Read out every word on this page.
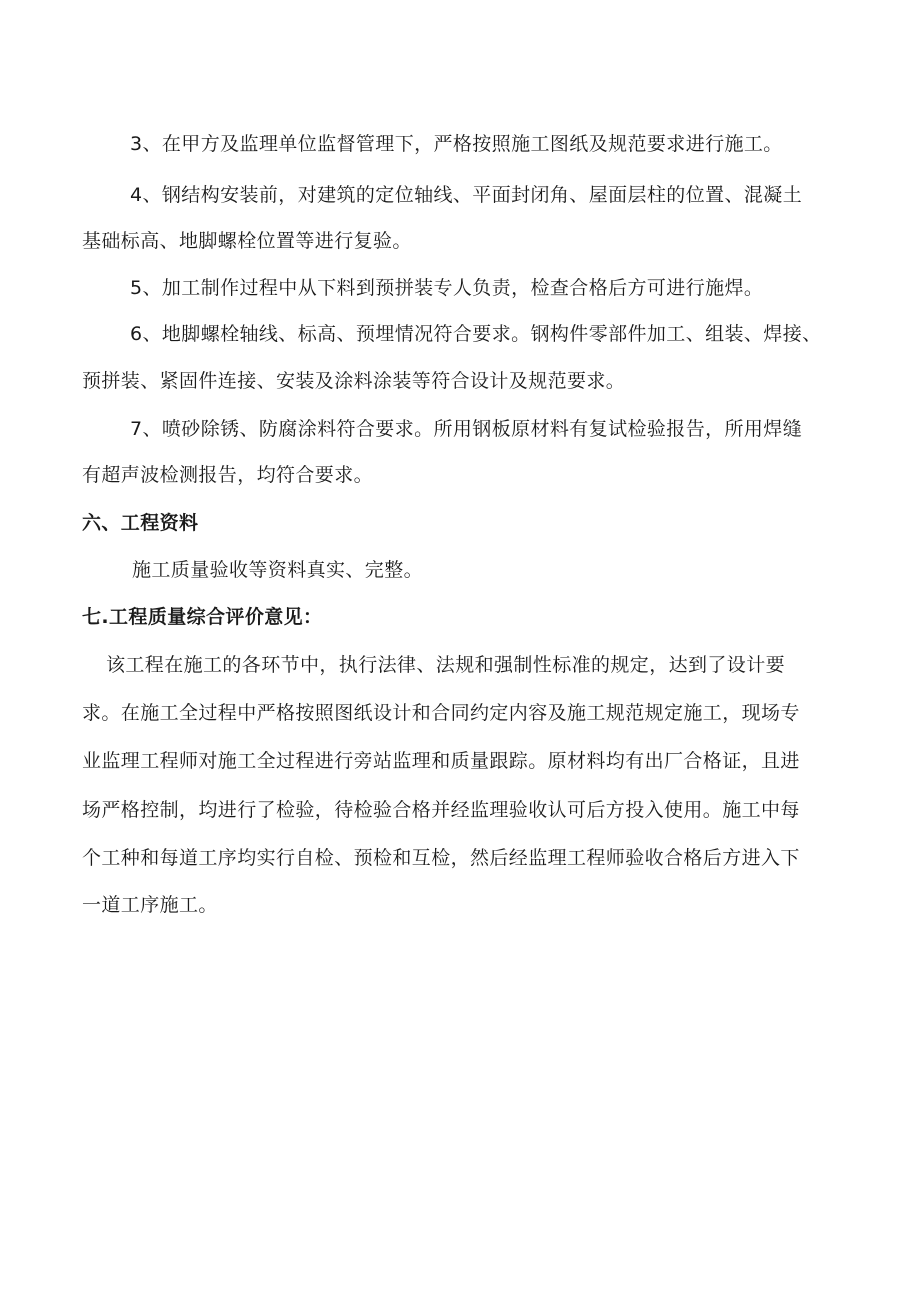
3、在甲方及监理单位监督管理下，严格按照施工图纸及规范要求进行施工。
4、钢结构安装前，对建筑的定位轴线、平面封闭角、屋面层柱的位置、混凝土
基础标高、地脚螺栓位置等进行复验。
5、加工制作过程中从下料到预拼装专人负责，检查合格后方可进行施焊。
6、地脚螺栓轴线、标高、预埋情况符合要求。钢构件零部件加工、组装、焊接、
预拼装、紧固件连接、安装及涂料涂装等符合设计及规范要求。
7、喷砂除锈、防腐涂料符合要求。所用钢板原材料有复试检验报告，所用焊缝
有超声波检测报告，均符合要求。
六、工程资料
施工质量验收等资料真实、完整。
七.工程质量综合评价意见：
该工程在施工的各环节中，执行法律、法规和强制性标准的规定，达到了设计要
求。在施工全过程中严格按照图纸设计和合同约定内容及施工规范规定施工，现场专
业监理工程师对施工全过程进行旁站监理和质量跟踪。原材料均有出厂合格证，且进
场严格控制，均进行了检验，待检验合格并经监理验收认可后方投入使用。施工中每
个工种和每道工序均实行自检、预检和互检，然后经监理工程师验收合格后方进入下
一道工序施工。
